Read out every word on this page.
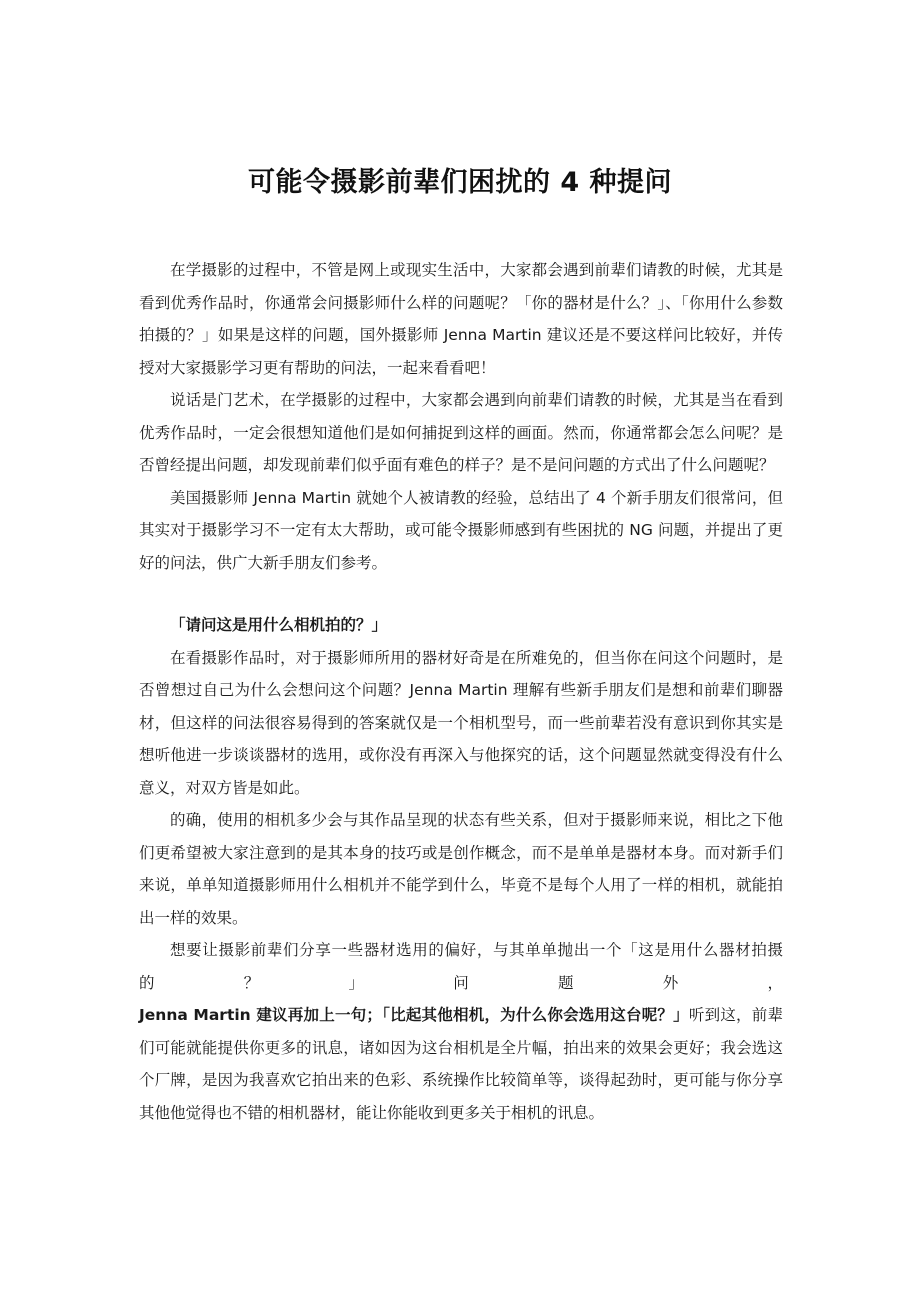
可能令摄影前辈们困扰的 4 种提问

在学摄影的过程中，不管是网上或现实生活中，大家都会遇到前辈们请教的时候，尤其是看到优秀作品时，你通常会问摄影师什么样的问题呢？「你的器材是什么？」、「你用什么参数拍摄的？」如果是这样的问题，国外摄影师 Jenna Martin 建议还是不要这样问比较好，并传授对大家摄影学习更有帮助的问法，一起来看看吧！

说话是门艺术，在学摄影的过程中，大家都会遇到向前辈们请教的时候，尤其是当在看到优秀作品时，一定会很想知道他们是如何捕捉到这样的画面。然而，你通常都会怎么问呢？是否曾经提出问题，却发现前辈们似乎面有难色的样子？是不是问问题的方式出了什么问题呢？

美国摄影师 Jenna Martin 就她个人被请教的经验，总结出了 4 个新手朋友们很常问，但其实对于摄影学习不一定有太大帮助，或可能令摄影师感到有些困扰的 NG 问题，并提出了更好的问法，供广大新手朋友们参考。

「请问这是用什么相机拍的？」

在看摄影作品时，对于摄影师所用的器材好奇是在所难免的，但当你在问这个问题时，是否曾想过自己为什么会想问这个问题？Jenna Martin 理解有些新手朋友们是想和前辈们聊器材，但这样的问法很容易得到的答案就仅是一个相机型号，而一些前辈若没有意识到你其实是想听他进一步谈谈器材的选用，或你没有再深入与他探究的话，这个问题显然就变得没有什么意义，对双方皆是如此。

的确，使用的相机多少会与其作品呈现的状态有些关系，但对于摄影师来说，相比之下他们更希望被大家注意到的是其本身的技巧或是创作概念，而不是单单是器材本身。而对新手们来说，单单知道摄影师用什么相机并不能学到什么，毕竟不是每个人用了一样的相机，就能拍出一样的效果。

想要让摄影前辈们分享一些器材选用的偏好，与其单单抛出一个「这是用什么器材拍摄的？」问题外，Jenna Martin 建议再加上一句；「比起其他相机，为什么你会选用这台呢？」听到这，前辈们可能就能提供你更多的讯息，诸如因为这台相机是全片幅，拍出来的效果会更好；我会选这个厂牌，是因为我喜欢它拍出来的色彩、系统操作比较简单等，谈得起劲时，更可能与你分享其他他觉得也不错的相机器材，能让你能收到更多关于相机的讯息。
